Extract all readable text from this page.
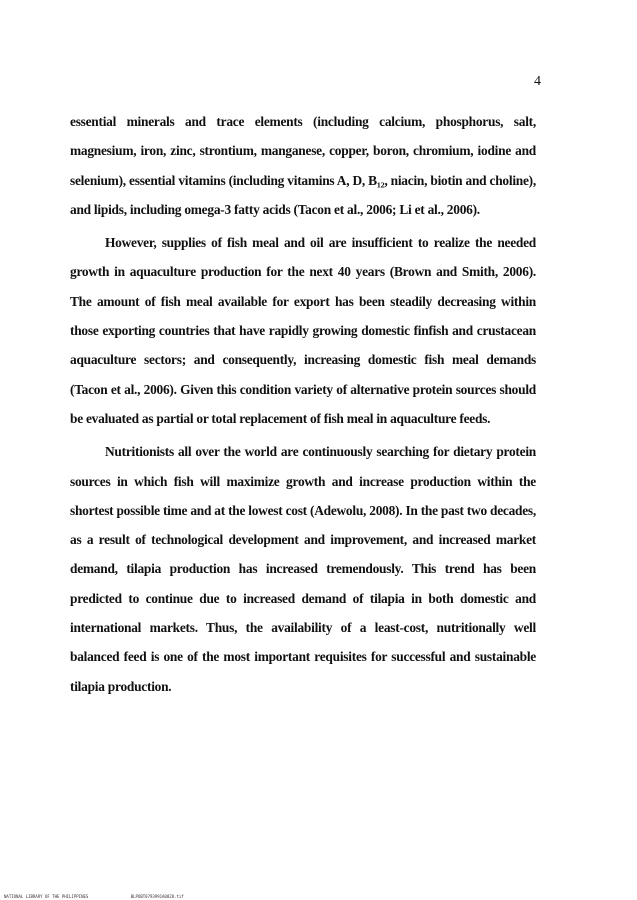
4

essential minerals and trace elements (including calcium, phosphorus, salt, magnesium, iron, zinc, strontium, manganese, copper, boron, chromium, iodine and selenium), essential vitamins (including vitamins A, D, B₁₂, niacin, biotin and choline), and lipids, including omega-3 fatty acids (Tacon et al., 2006; Li et al., 2006).

However, supplies of fish meal and oil are insufficient to realize the needed growth in aquaculture production for the next 40 years (Brown and Smith, 2006). The amount of fish meal available for export has been steadily decreasing within those exporting countries that have rapidly growing domestic finfish and crustacean aquaculture sectors; and consequently, increasing domestic fish meal demands (Tacon et al., 2006). Given this condition variety of alternative protein sources should be evaluated as partial or total replacement of fish meal in aquaculture feeds.

Nutritionists all over the world are continuously searching for dietary protein sources in which fish will maximize growth and increase production within the shortest possible time and at the lowest cost (Adewolu, 2008). In the past two decades, as a result of technological development and improvement, and increased market demand, tilapia production has increased tremendously. This trend has been predicted to continue due to increased demand of tilapia in both domestic and international markets. Thus, the availability of a least-cost, nutritionally well balanced feed is one of the most important requisites for successful and sustainable tilapia production.

NATIONAL LIBRARY OF THE PHILIPPINES	BLPOBT0793991A0828.tif
